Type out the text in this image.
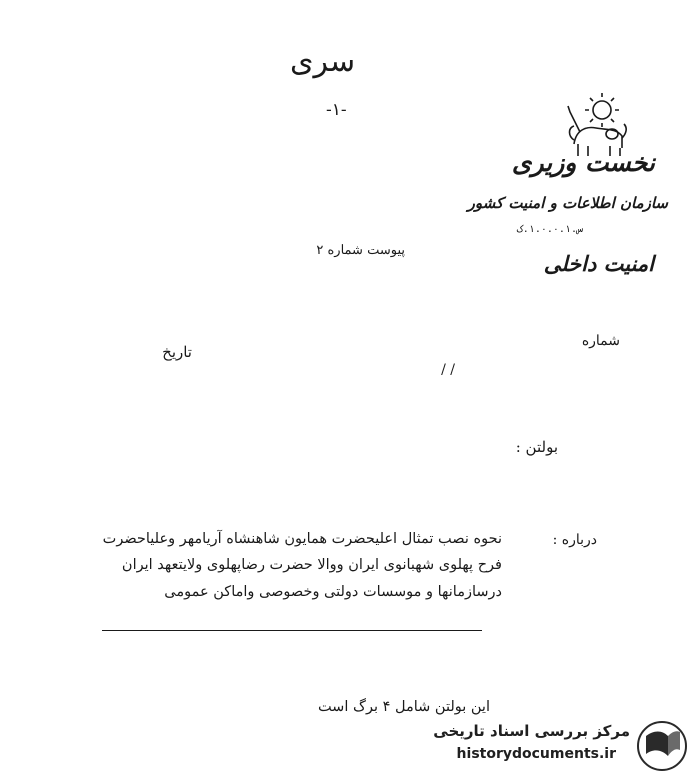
سری
-۱-
نخست وزیری
سازمان اطلاعات و امنیت کشور
س.۱.۰.۰.۱.ک
امنیت داخلی
پیوست شماره ۲
شماره
تاریخ
/ /
بولتن :
درباره :
نحوه نصب تمثال اعلیحضرت همایون شاهنشاه آریامهر وعلیاحضرت
فرح پهلوی شهبانوی ایران ووالا حضرت رضاپهلوی ولایتعهد ایران
درسازمانها و موسسات دولتی وخصوصی واماکن عمومی
این بولتن شامل ۴ برگ است
مرکز بررسی اسناد تاریخی
historydocuments.ir
